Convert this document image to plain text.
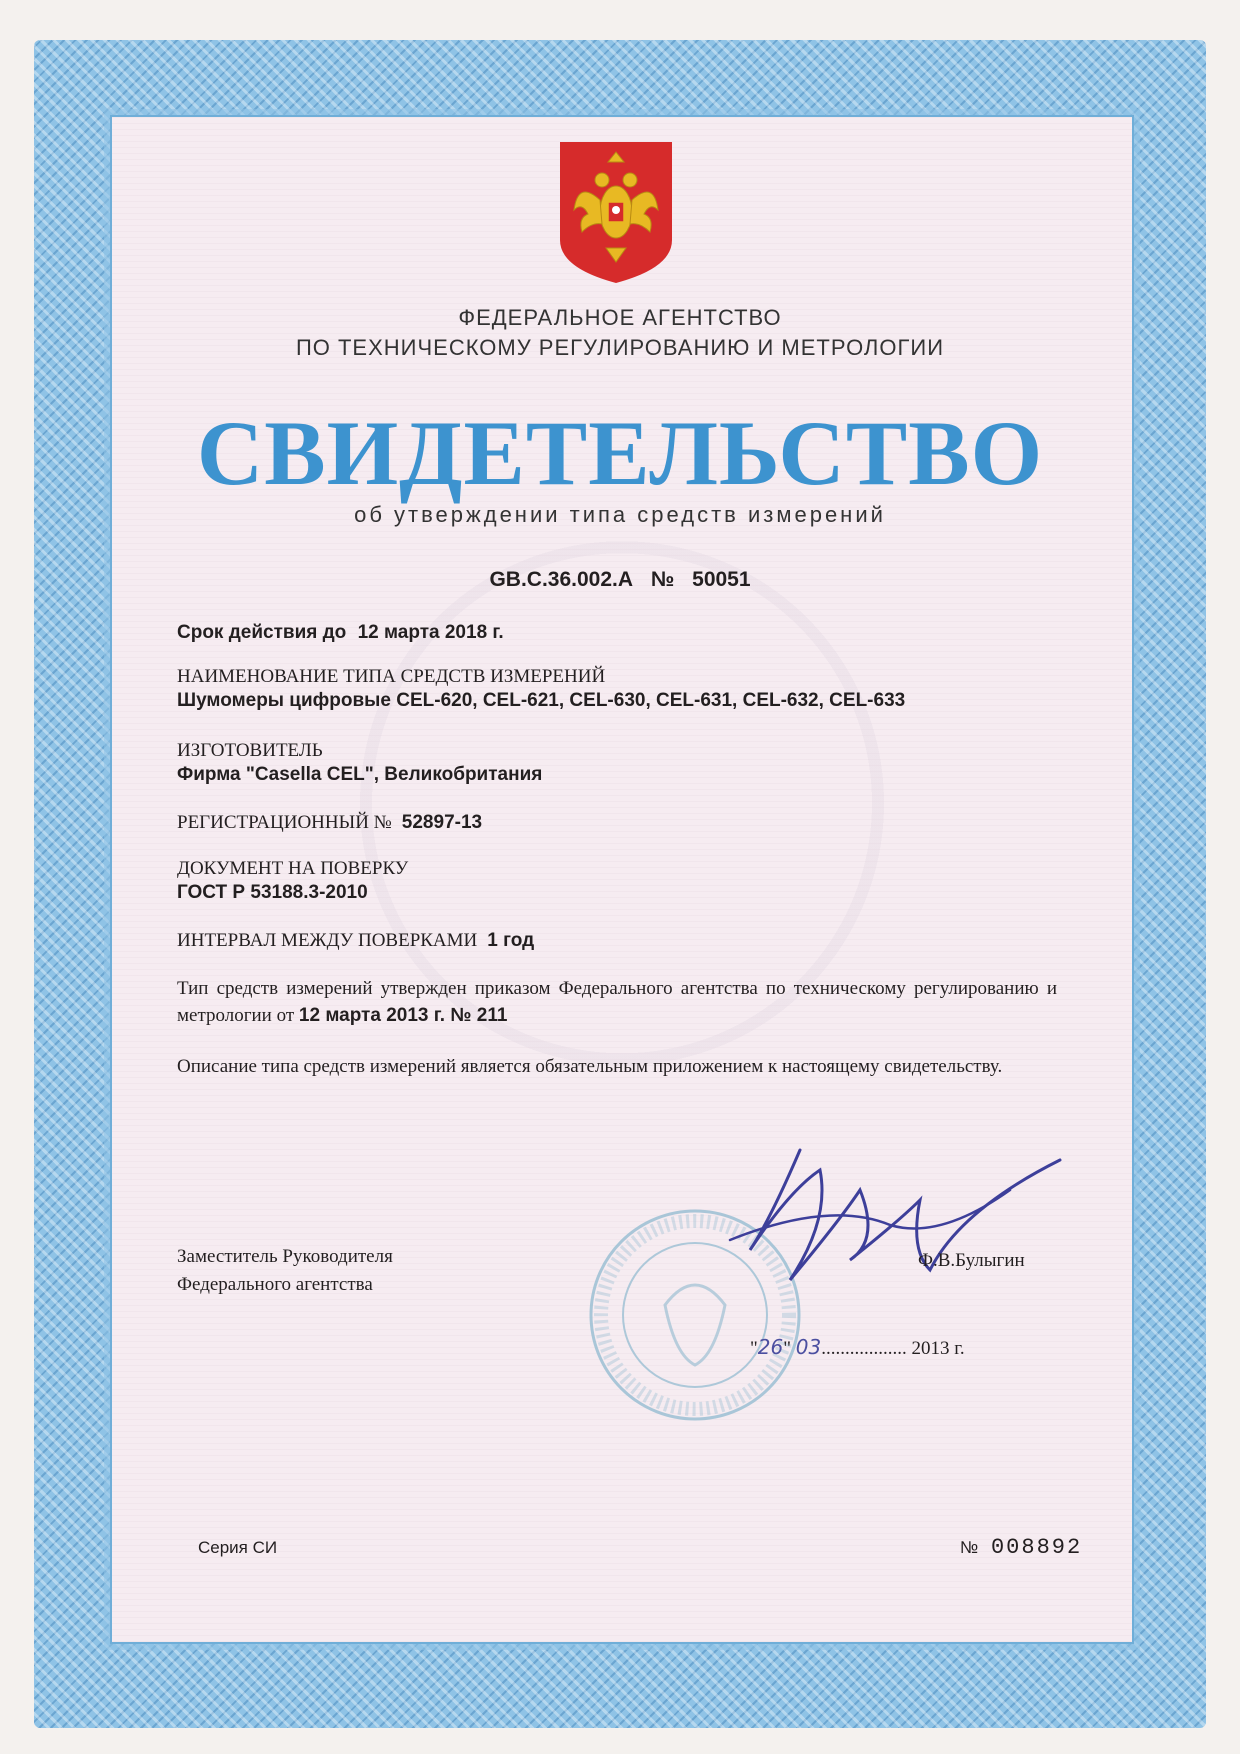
ФЕДЕРАЛЬНОЕ АГЕНТСТВО
ПО ТЕХНИЧЕСКОМУ РЕГУЛИРОВАНИЮ И МЕТРОЛОГИИ
СВИДЕТЕЛЬСТВО
об утверждении типа средств измерений
GB.C.36.002.A № 50051
Срок действия до 12 марта 2018 г.
НАИМЕНОВАНИЕ ТИПА СРЕДСТВ ИЗМЕРЕНИЙ
Шумомеры цифровые CEL-620, CEL-621, CEL-630, CEL-631, CEL-632, CEL-633
ИЗГОТОВИТЕЛЬ
Фирма "Casella CEL", Великобритания
РЕГИСТРАЦИОННЫЙ № 52897-13
ДОКУМЕНТ НА ПОВЕРКУ
ГОСТ Р 53188.3-2010
ИНТЕРВАЛ МЕЖДУ ПОВЕРКАМИ 1 год
Тип средств измерений утвержден приказом Федерального агентства по техническому регулированию и метрологии от 12 марта 2013 г. № 211
Описание типа средств измерений является обязательным приложением к настоящему свидетельству.
Заместитель Руководителя
Федерального агентства
Ф.В.Булыгин
"26" 03.................. 2013 г.
Серия СИ	№ 008892
